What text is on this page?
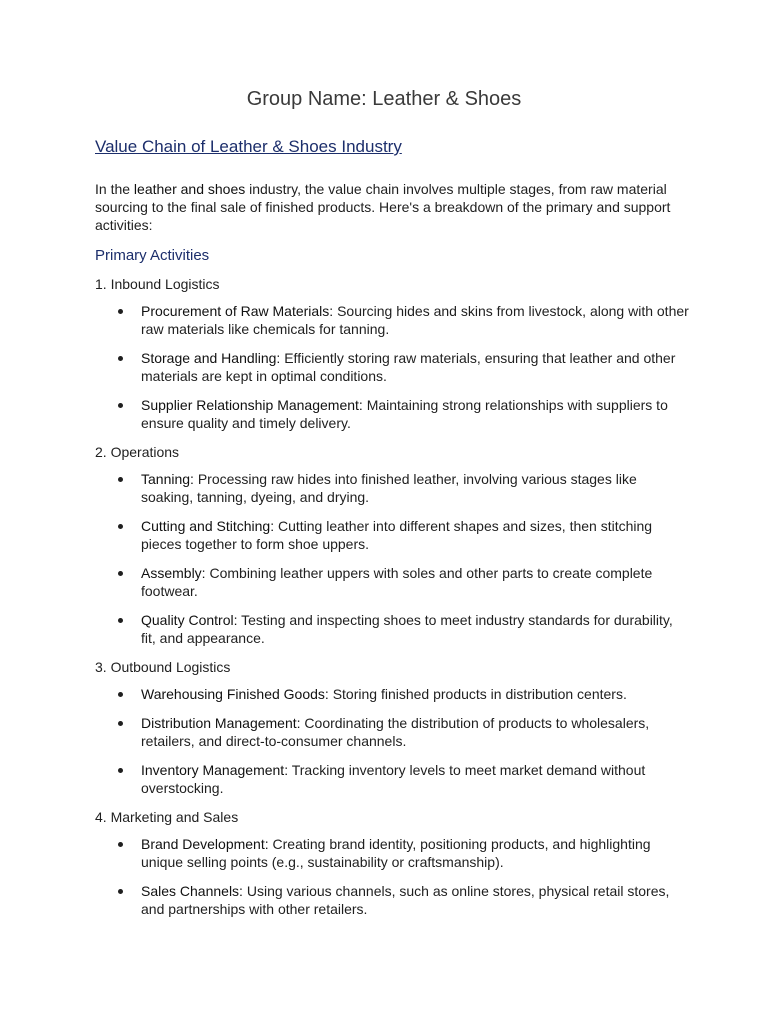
Group Name: Leather & Shoes
Value Chain of Leather & Shoes Industry

In the leather and shoes industry, the value chain involves multiple stages, from raw material sourcing to the final sale of finished products. Here's a breakdown of the primary and support activities:

Primary Activities
1. Inbound Logistics
Procurement of Raw Materials: Sourcing hides and skins from livestock, along with other raw materials like chemicals for tanning.
Storage and Handling: Efficiently storing raw materials, ensuring that leather and other materials are kept in optimal conditions.
Supplier Relationship Management: Maintaining strong relationships with suppliers to ensure quality and timely delivery.
2. Operations
Tanning: Processing raw hides into finished leather, involving various stages like soaking, tanning, dyeing, and drying.
Cutting and Stitching: Cutting leather into different shapes and sizes, then stitching pieces together to form shoe uppers.
Assembly: Combining leather uppers with soles and other parts to create complete footwear.
Quality Control: Testing and inspecting shoes to meet industry standards for durability, fit, and appearance.
3. Outbound Logistics
Warehousing Finished Goods: Storing finished products in distribution centers.
Distribution Management: Coordinating the distribution of products to wholesalers, retailers, and direct-to-consumer channels.
Inventory Management: Tracking inventory levels to meet market demand without overstocking.
4. Marketing and Sales
Brand Development: Creating brand identity, positioning products, and highlighting unique selling points (e.g., sustainability or craftsmanship).
Sales Channels: Using various channels, such as online stores, physical retail stores, and partnerships with other retailers.
